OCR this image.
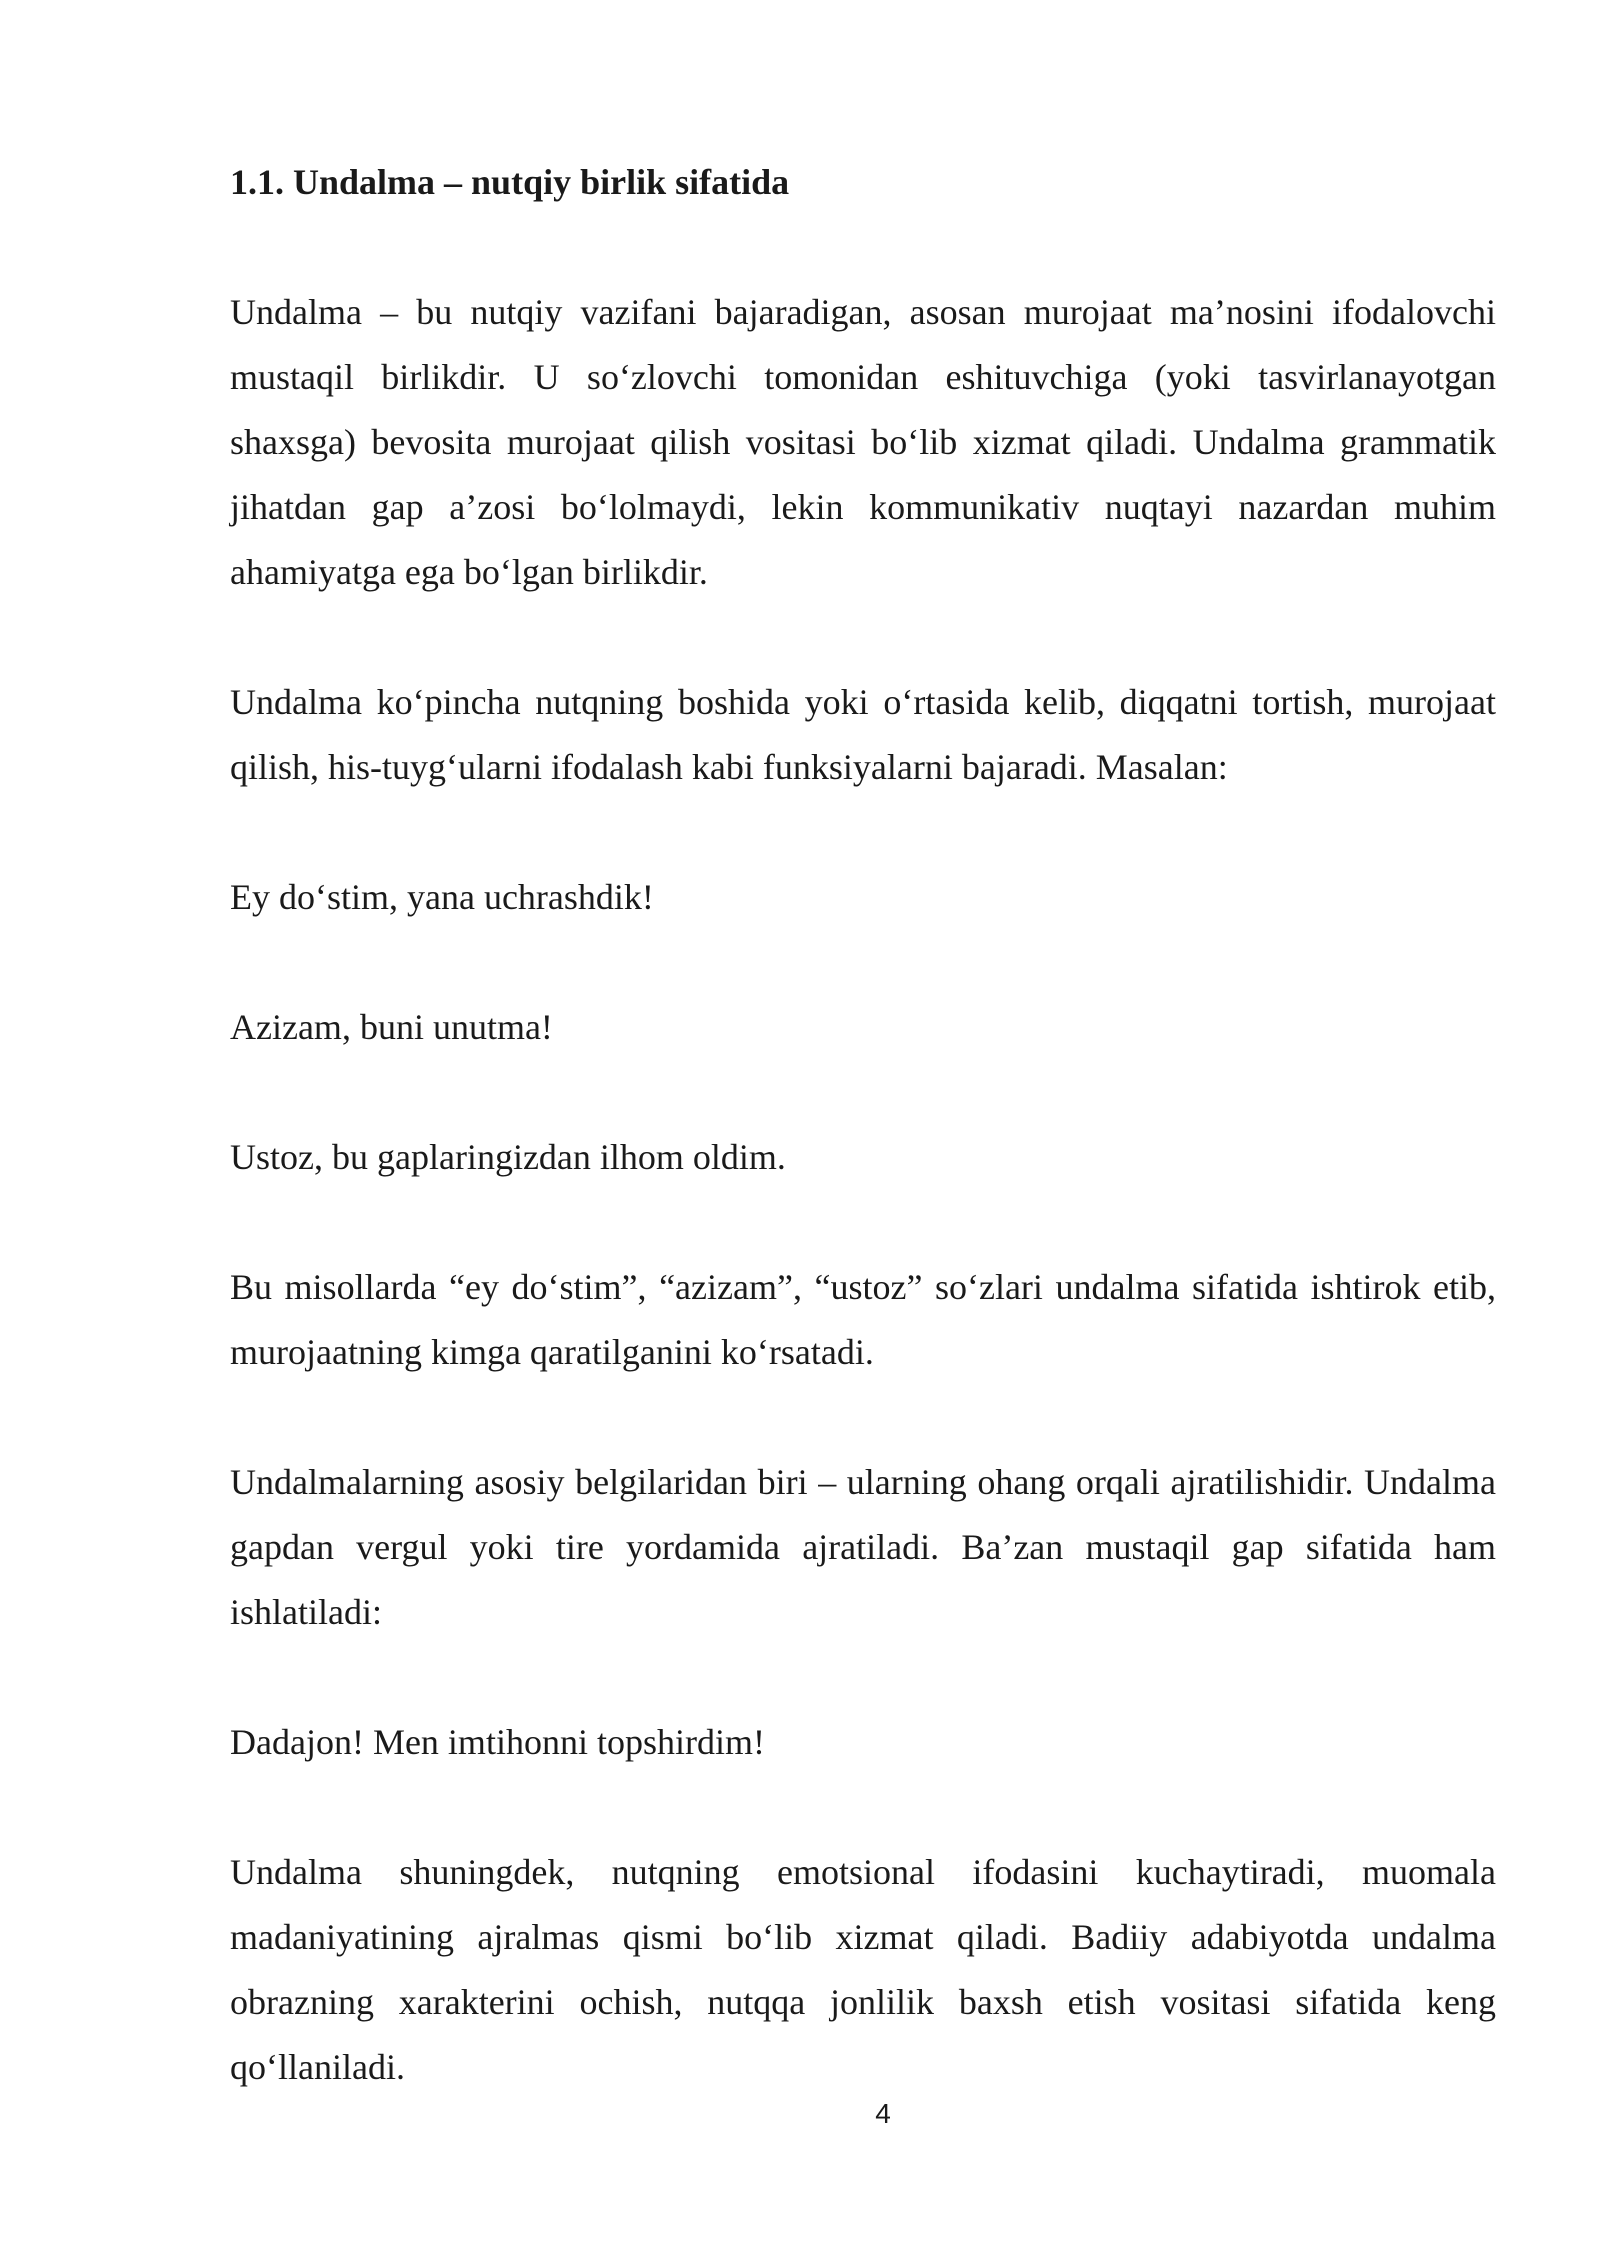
1.1. Undalma – nutqiy birlik sifatida

Undalma – bu nutqiy vazifani bajaradigan, asosan murojaat ma’nosini ifodalovchi mustaqil birlikdir. U so‘zlovchi tomonidan eshituvchiga (yoki tasvirlanayotgan shaxsga) bevosita murojaat qilish vositasi bo‘lib xizmat qiladi. Undalma grammatik jihatdan gap a’zosi bo‘lolmaydi, lekin kommunikativ nuqtayi nazardan muhim ahamiyatga ega bo‘lgan birlikdir.

Undalma ko‘pincha nutqning boshida yoki o‘rtasida kelib, diqqatni tortish, murojaat qilish, his-tuyg‘ularni ifodalash kabi funksiyalarni bajaradi. Masalan:

Ey do‘stim, yana uchrashdik!

Azizam, buni unutma!

Ustoz, bu gaplaringizdan ilhom oldim.

Bu misollarda “ey do‘stim”, “azizam”, “ustoz” so‘zlari undalma sifatida ishtirok etib, murojaatning kimga qaratilganini ko‘rsatadi.

Undalmalarning asosiy belgilaridan biri – ularning ohang orqali ajratilishidir. Undalma gapdan vergul yoki tire yordamida ajratiladi. Ba’zan mustaqil gap sifatida ham ishlatiladi:

Dadajon! Men imtihonni topshirdim!

Undalma shuningdek, nutqning emotsional ifodasini kuchaytiradi, muomala madaniyatining ajralmas qismi bo‘lib xizmat qiladi. Badiiy adabiyotda undalma obrazning xarakterini ochish, nutqqa jonlilik baxsh etish vositasi sifatida keng qo‘llaniladi.

4
